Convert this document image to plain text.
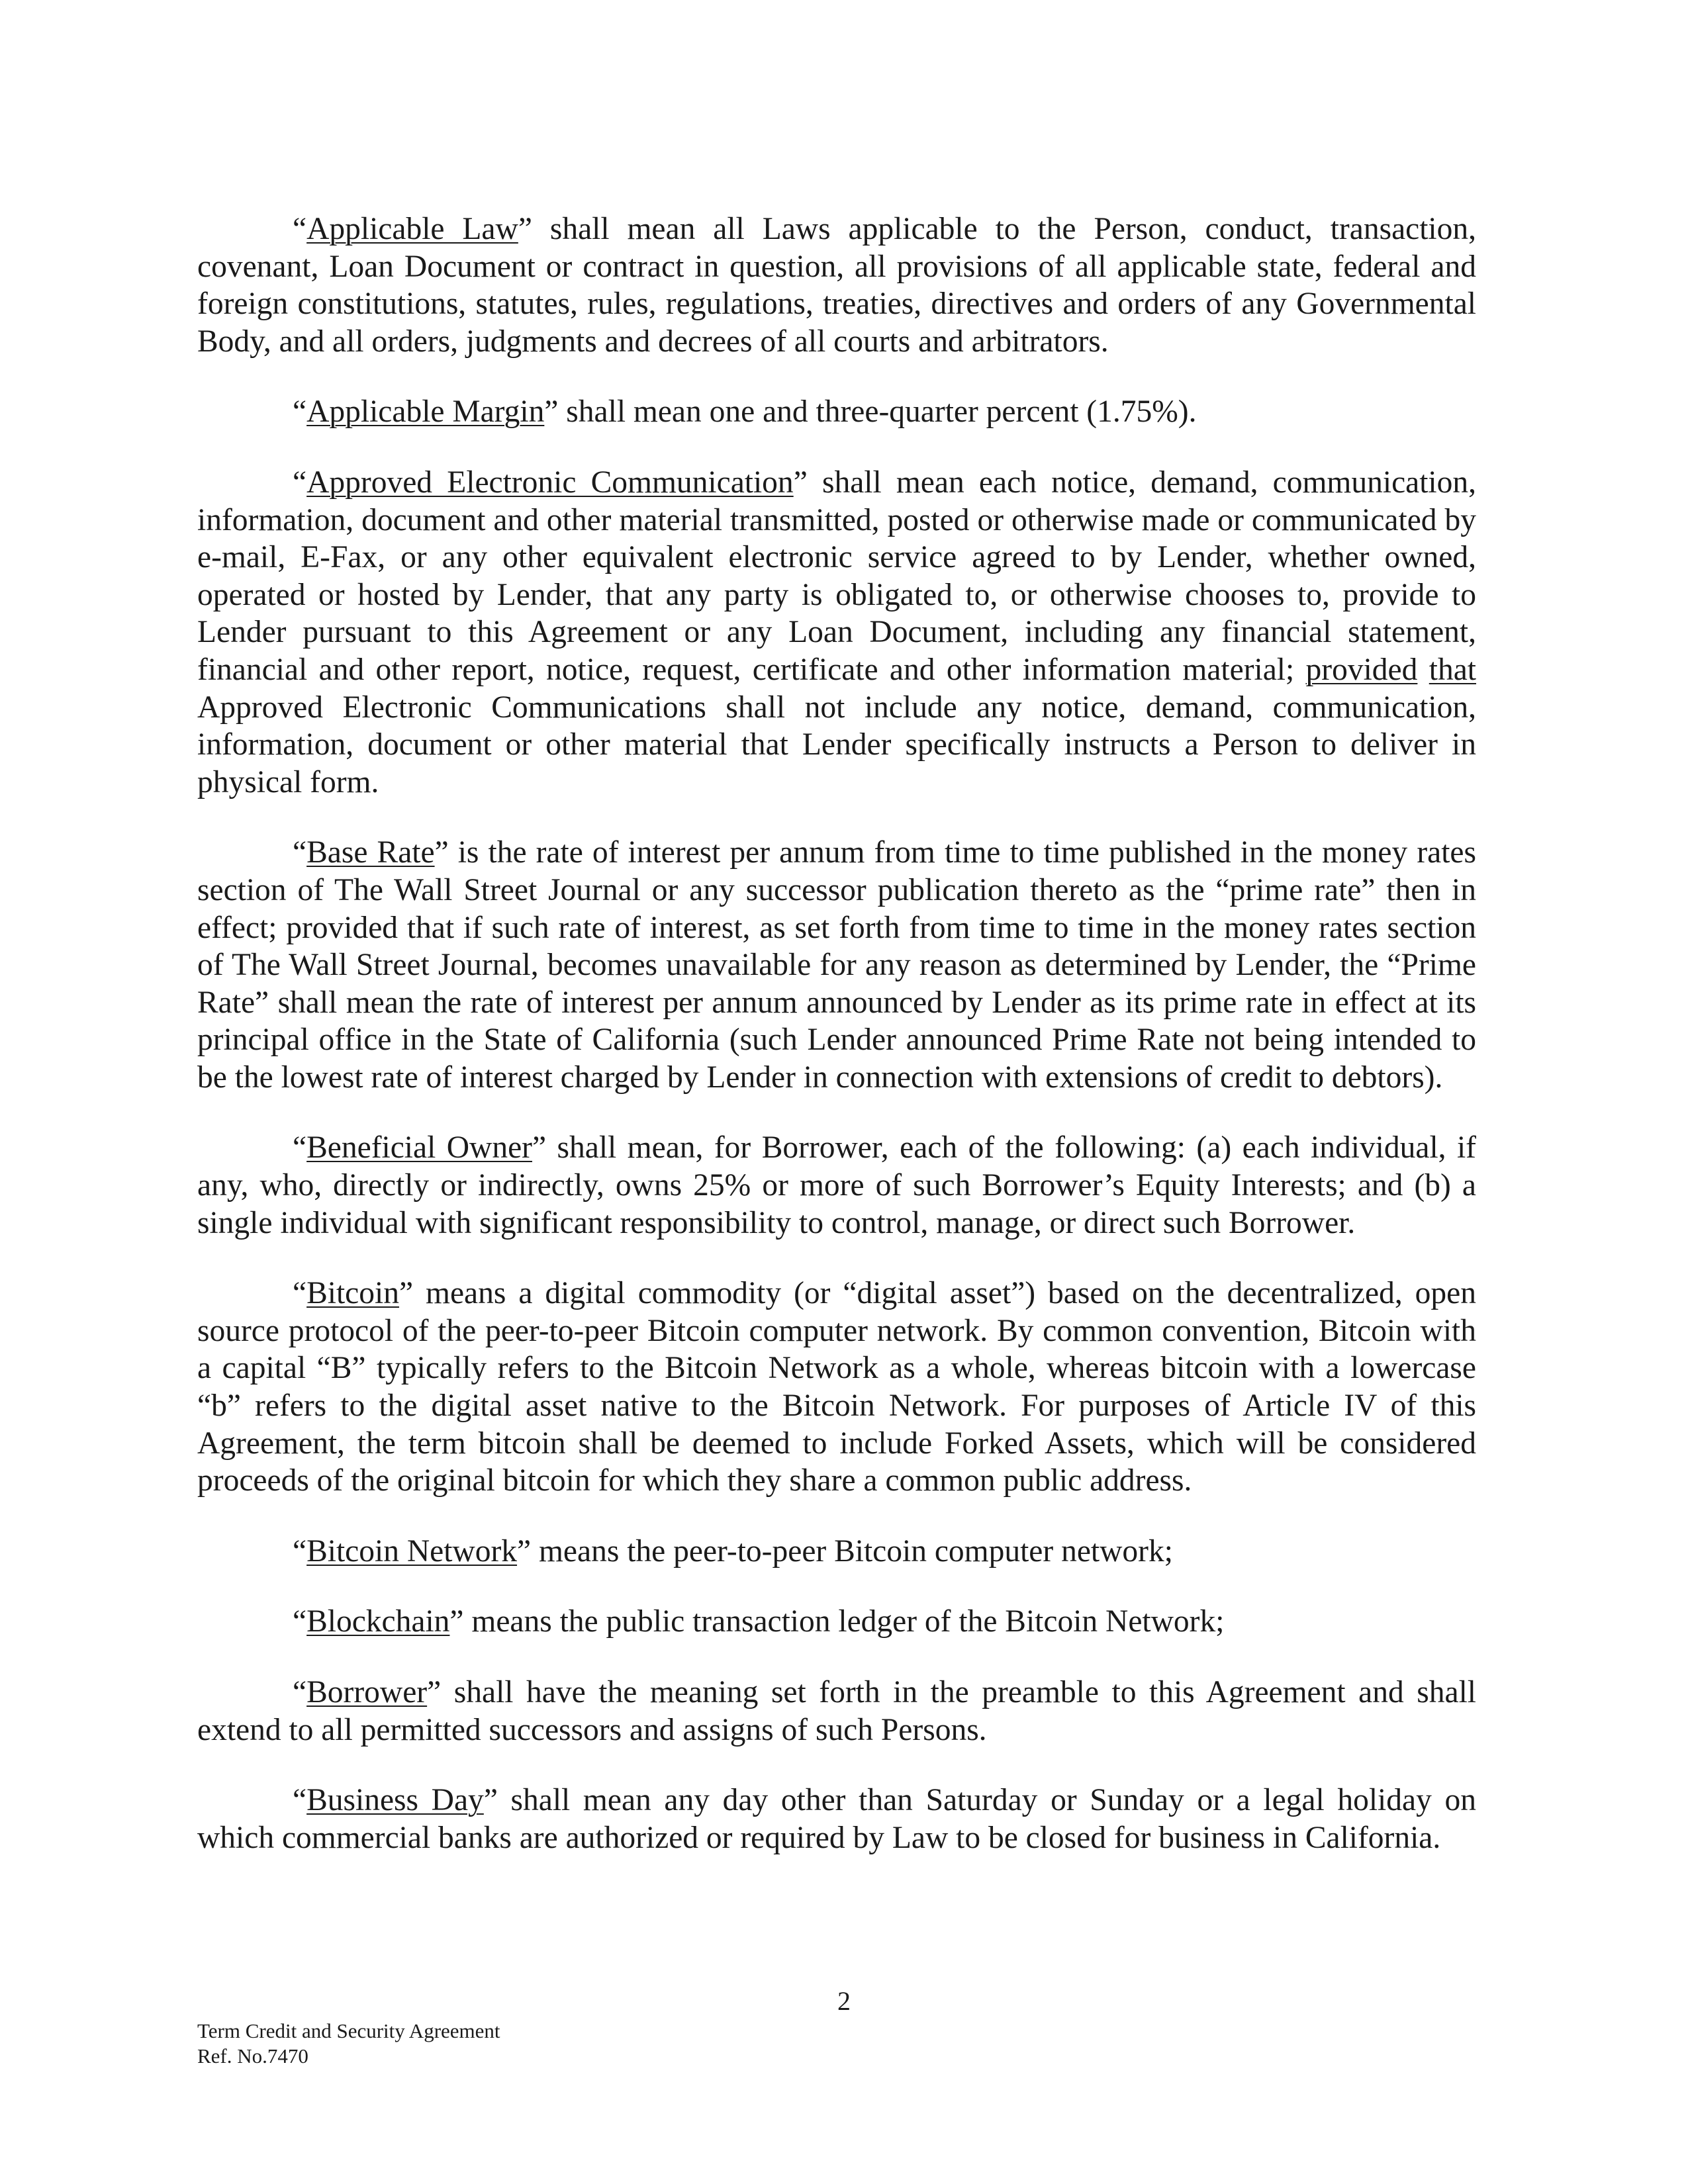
“Applicable Law” shall mean all Laws applicable to the Person, conduct, transaction, covenant, Loan Document or contract in question, all provisions of all applicable state, federal and foreign constitutions, statutes, rules, regulations, treaties, directives and orders of any Governmental Body, and all orders, judgments and decrees of all courts and arbitrators.

“Applicable Margin” shall mean one and three-quarter percent (1.75%).

“Approved Electronic Communication” shall mean each notice, demand, communication, information, document and other material transmitted, posted or otherwise made or communicated by e-mail, E-Fax, or any other equivalent electronic service agreed to by Lender, whether owned, operated or hosted by Lender, that any party is obligated to, or otherwise chooses to, provide to Lender pursuant to this Agreement or any Loan Document, including any financial statement, financial and other report, notice, request, certificate and other information material; provided that Approved Electronic Communications shall not include any notice, demand, communication, information, document or other material that Lender specifically instructs a Person to deliver in physical form.

“Base Rate” is the rate of interest per annum from time to time published in the money rates section of The Wall Street Journal or any successor publication thereto as the “prime rate” then in effect; provided that if such rate of interest, as set forth from time to time in the money rates section of The Wall Street Journal, becomes unavailable for any reason as determined by Lender, the “Prime Rate” shall mean the rate of interest per annum announced by Lender as its prime rate in effect at its principal office in the State of California (such Lender announced Prime Rate not being intended to be the lowest rate of interest charged by Lender in connection with extensions of credit to debtors).

“Beneficial Owner” shall mean, for Borrower, each of the following: (a) each individual, if any, who, directly or indirectly, owns 25% or more of such Borrower’s Equity Interests; and (b) a single individual with significant responsibility to control, manage, or direct such Borrower.

“Bitcoin” means a digital commodity (or “digital asset”) based on the decentralized, open source protocol of the peer-to-peer Bitcoin computer network. By common convention, Bitcoin with a capital “B” typically refers to the Bitcoin Network as a whole, whereas bitcoin with a lowercase “b” refers to the digital asset native to the Bitcoin Network. For purposes of Article IV of this Agreement, the term bitcoin shall be deemed to include Forked Assets, which will be considered proceeds of the original bitcoin for which they share a common public address.

“Bitcoin Network” means the peer-to-peer Bitcoin computer network;

“Blockchain” means the public transaction ledger of the Bitcoin Network;

“Borrower” shall have the meaning set forth in the preamble to this Agreement and shall extend to all permitted successors and assigns of such Persons.

“Business Day” shall mean any day other than Saturday or Sunday or a legal holiday on which commercial banks are authorized or required by Law to be closed for business in California.

2
Term Credit and Security Agreement
Ref. No.7470
